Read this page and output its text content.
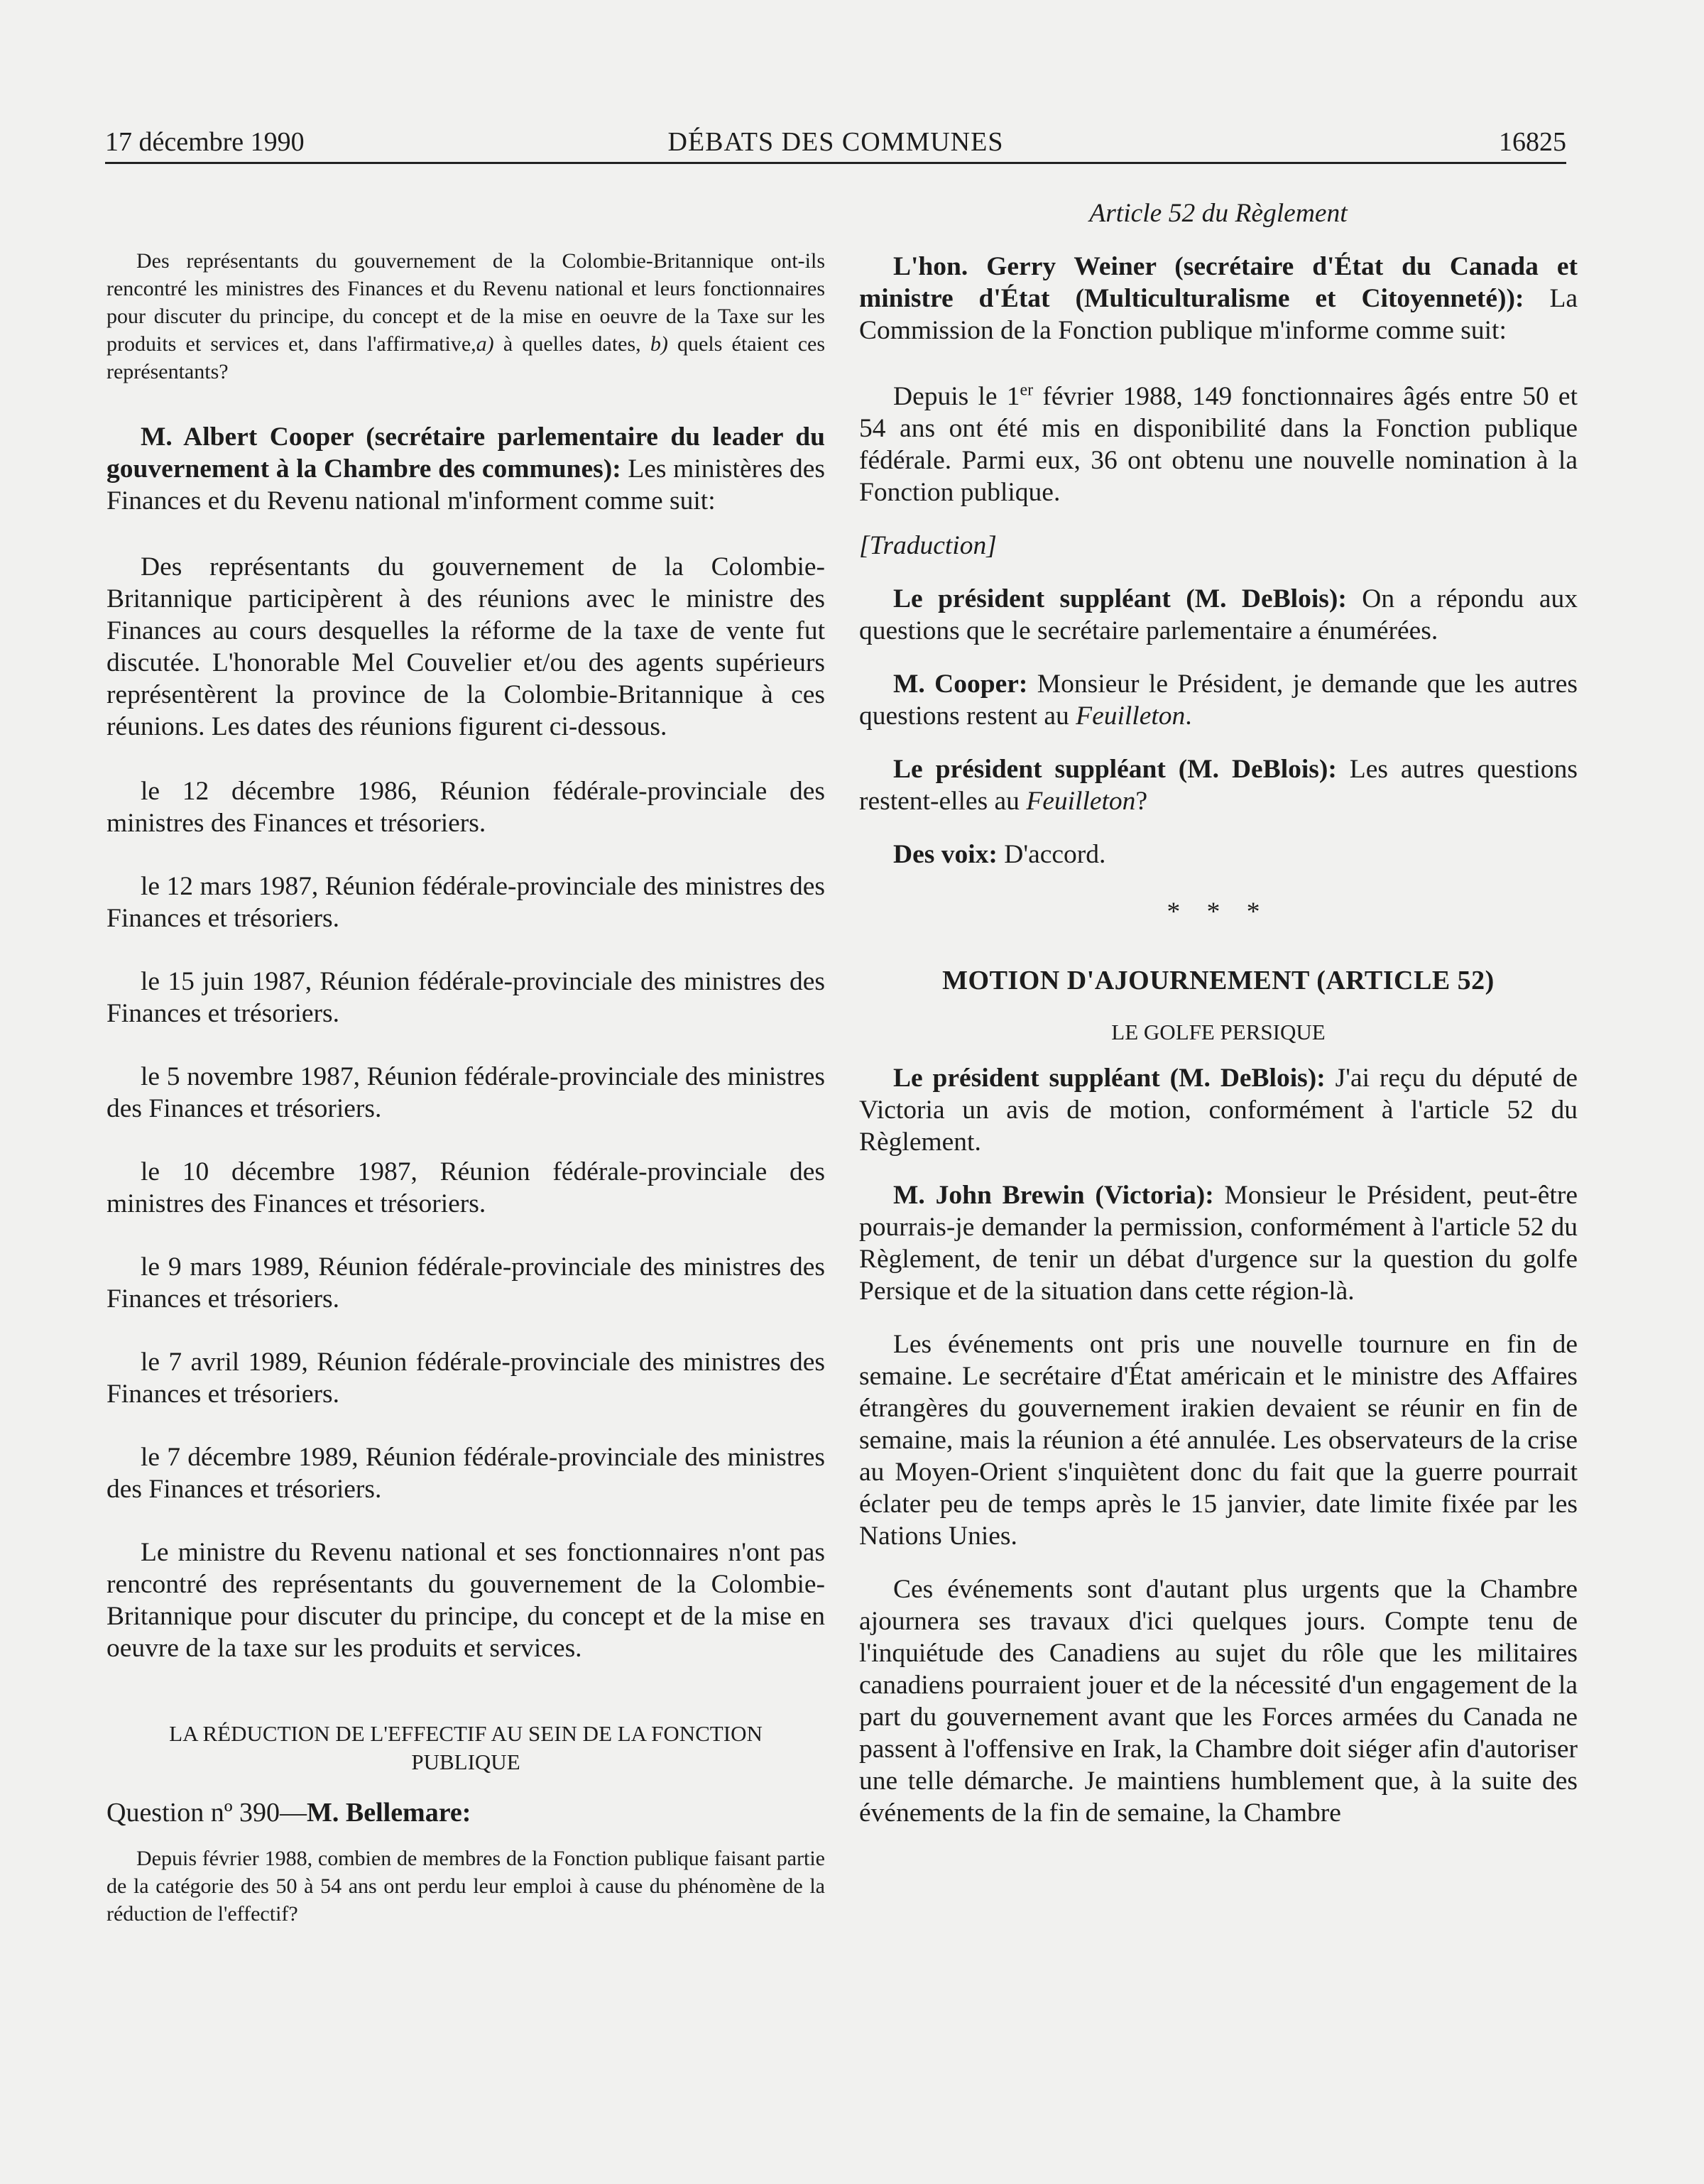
17 décembre 1990	DÉBATS DES COMMUNES	16825

Des représentants du gouvernement de la Colombie-Britannique ont-ils rencontré les ministres des Finances et du Revenu national et leurs fonctionnaires pour discuter du principe, du concept et de la mise en oeuvre de la Taxe sur les produits et services et, dans l'affirmative,a) à quelles dates, b) quels étaient ces représentants?

M. Albert Cooper (secrétaire parlementaire du leader du gouvernement à la Chambre des communes): Les ministères des Finances et du Revenu national m'informent comme suit:

Des représentants du gouvernement de la Colombie-Britannique participèrent à des réunions avec le ministre des Finances au cours desquelles la réforme de la taxe de vente fut discutée. L'honorable Mel Couvelier et/ou des agents supérieurs représentèrent la province de la Colombie-Britannique à ces réunions. Les dates des réunions figurent ci-dessous.

le 12 décembre 1986, Réunion fédérale-provinciale des ministres des Finances et trésoriers.

le 12 mars 1987, Réunion fédérale-provinciale des ministres des Finances et trésoriers.

le 15 juin 1987, Réunion fédérale-provinciale des ministres des Finances et trésoriers.

le 5 novembre 1987, Réunion fédérale-provinciale des ministres des Finances et trésoriers.

le 10 décembre 1987, Réunion fédérale-provinciale des ministres des Finances et trésoriers.

le 9 mars 1989, Réunion fédérale-provinciale des ministres des Finances et trésoriers.

le 7 avril 1989, Réunion fédérale-provinciale des ministres des Finances et trésoriers.

le 7 décembre 1989, Réunion fédérale-provinciale des ministres des Finances et trésoriers.

Le ministre du Revenu national et ses fonctionnaires n'ont pas rencontré des représentants du gouvernement de la Colombie-Britannique pour discuter du principe, du concept et de la mise en oeuvre de la taxe sur les produits et services.

LA RÉDUCTION DE L'EFFECTIF AU SEIN DE LA FONCTION PUBLIQUE

Question nº 390—M. Bellemare:

Depuis février 1988, combien de membres de la Fonction publique faisant partie de la catégorie des 50 à 54 ans ont perdu leur emploi à cause du phénomène de la réduction de l'effectif?

Article 52 du Règlement

L'hon. Gerry Weiner (secrétaire d'État du Canada et ministre d'État (Multiculturalisme et Citoyenneté)): La Commission de la Fonction publique m'informe comme suit:

Depuis le 1er février 1988, 149 fonctionnaires âgés entre 50 et 54 ans ont été mis en disponibilité dans la Fonction publique fédérale. Parmi eux, 36 ont obtenu une nouvelle nomination à la Fonction publique.

[Traduction]

Le président suppléant (M. DeBlois): On a répondu aux questions que le secrétaire parlementaire a énumérées.

M. Cooper: Monsieur le Président, je demande que les autres questions restent au Feuilleton.

Le président suppléant (M. DeBlois): Les autres questions restent-elles au Feuilleton?

Des voix: D'accord.

* * *

MOTION D'AJOURNEMENT (ARTICLE 52)

LE GOLFE PERSIQUE

Le président suppléant (M. DeBlois): J'ai reçu du député de Victoria un avis de motion, conformément à l'article 52 du Règlement.

M. John Brewin (Victoria): Monsieur le Président, peut-être pourrais-je demander la permission, conformément à l'article 52 du Règlement, de tenir un débat d'urgence sur la question du golfe Persique et de la situation dans cette région-là.

Les événements ont pris une nouvelle tournure en fin de semaine. Le secrétaire d'État américain et le ministre des Affaires étrangères du gouvernement irakien devaient se réunir en fin de semaine, mais la réunion a été annulée. Les observateurs de la crise au Moyen-Orient s'inquiètent donc du fait que la guerre pourrait éclater peu de temps après le 15 janvier, date limite fixée par les Nations Unies.

Ces événements sont d'autant plus urgents que la Chambre ajournera ses travaux d'ici quelques jours. Compte tenu de l'inquiétude des Canadiens au sujet du rôle que les militaires canadiens pourraient jouer et de la nécessité d'un engagement de la part du gouvernement avant que les Forces armées du Canada ne passent à l'offensive en Irak, la Chambre doit siéger afin d'autoriser une telle démarche. Je maintiens humblement que, à la suite des événements de la fin de semaine, la Chambre
